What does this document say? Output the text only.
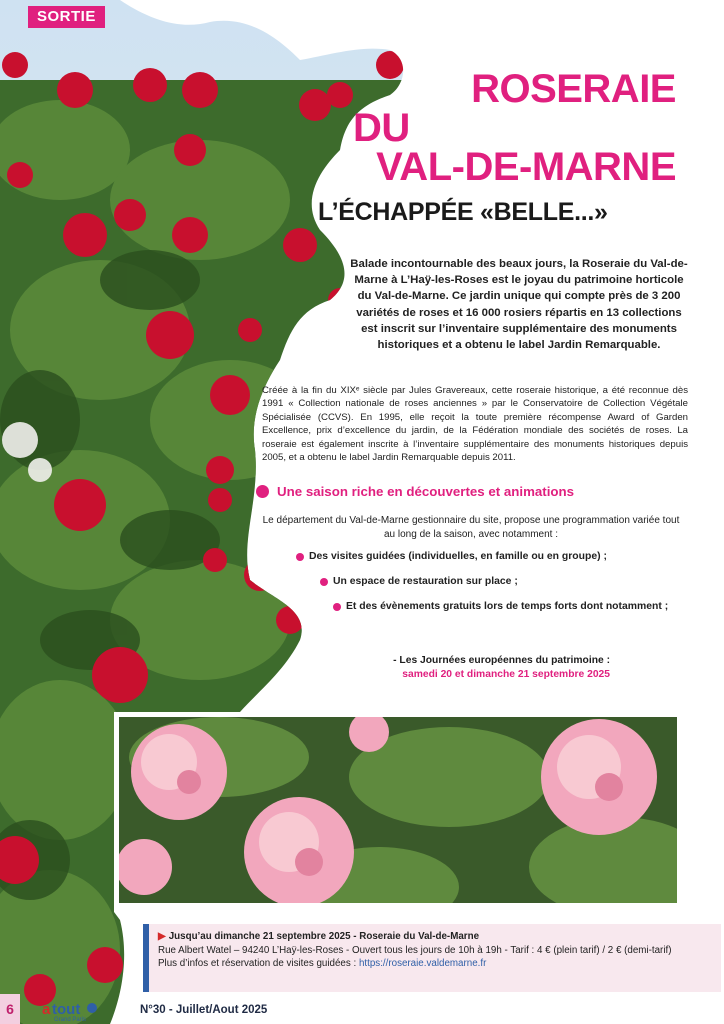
SORTIE
ROSERAIE
DU
VAL-DE-MARNE
L’ÉCHAPPÉE «BELLE...»

Balade incontournable des beaux jours, la Roseraie du Val-de-Marne à L’Haÿ-les-Roses est le joyau du patrimoine horticole du Val-de-Marne. Ce jardin unique qui compte près de 3 200 variétés de roses et 16 000 rosiers répartis en 13 collections est inscrit sur l’inventaire supplémentaire des monuments historiques et a obtenu le label Jardin Remarquable.

Créée à la fin du XIXᵉ siècle par Jules Gravereaux, cette roseraie historique, a été reconnue dès 1991 « Collection nationale de roses anciennes » par le Conservatoire de Collection Végétale Spécialisée (CCVS). En 1995, elle reçoit la toute première récompense Award of Garden Excellence, prix d’excellence du jardin, de la Fédération mondiale des sociétés de roses. La roseraie est également inscrite à l’inventaire supplémentaire des monuments historiques depuis 2005, et a obtenu le label Jardin Remarquable depuis 2011.

Une saison riche en découvertes et animations

Le département du Val-de-Marne gestionnaire du site, propose une programmation variée tout au long de la saison, avec notamment :

Des visites guidées (individuelles, en famille ou en groupe) ;
Un espace de restauration sur place ;
Et des évènements gratuits lors de temps forts dont notamment ;
- Les Journées européennes du patrimoine :
samedi 20 et dimanche 21 septembre 2025
▶ Jusqu’au dimanche 21 septembre 2025 - Roseraie du Val-de-Marne
Rue Albert Watel – 94240 L’Haÿ-les-Roses - Ouvert tous les jours de 10h à 19h - Tarif : 4 € (plein tarif) / 2 € (demi-tarif)
Plus d’infos et réservation de visites guidées : https://roseraie.valdemarne.fr
6	a tout
Grand Paris
N°30 - Juillet/Aout 2025
